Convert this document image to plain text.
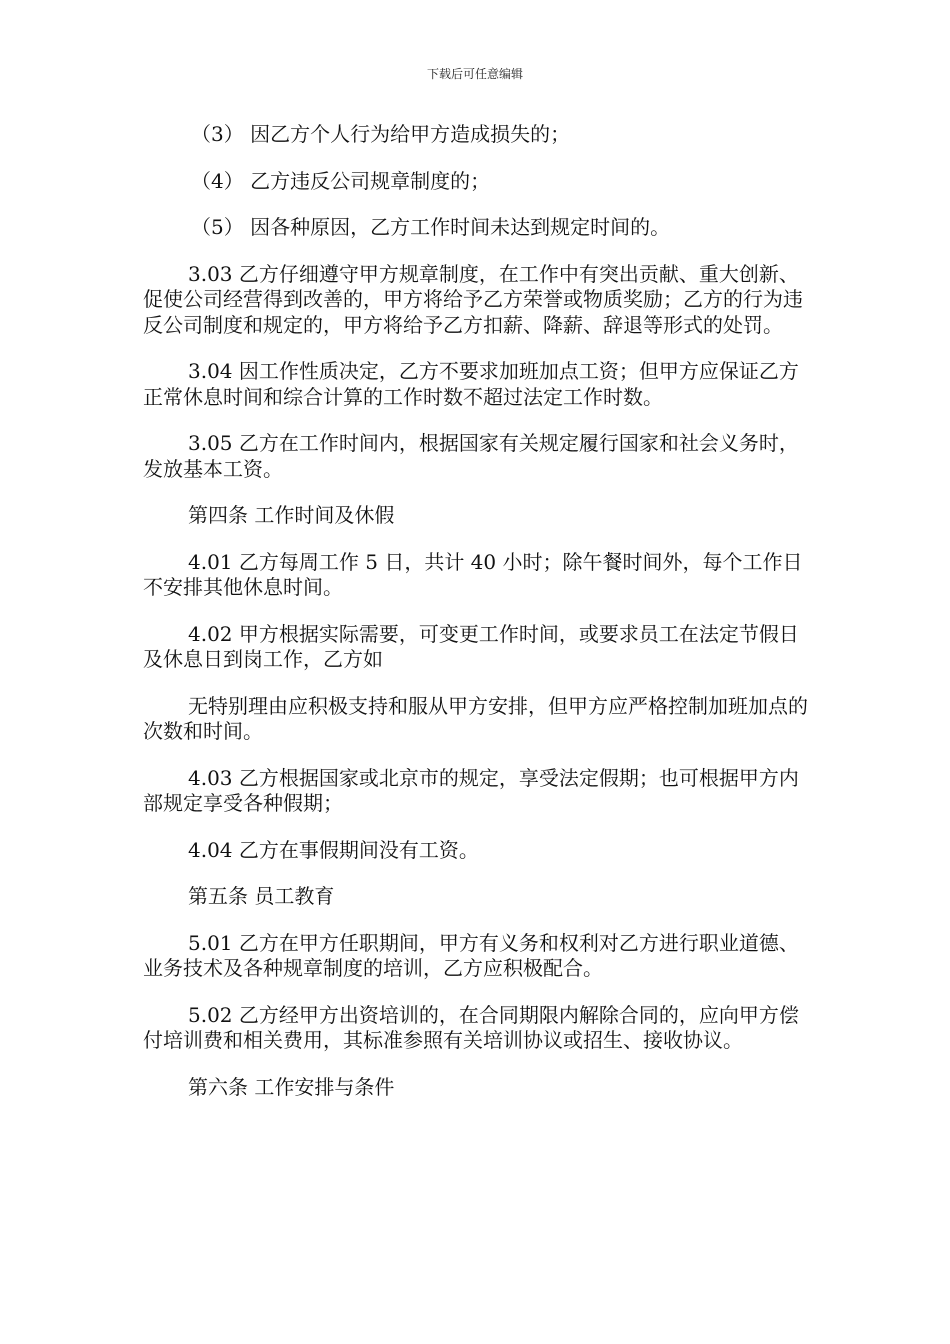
下载后可任意编辑

（3） 因乙方个人行为给甲方造成损失的；

（4） 乙方违反公司规章制度的；

（5） 因各种原因，乙方工作时间未达到规定时间的。

3.03 乙方仔细遵守甲方规章制度，在工作中有突出贡献、重大创新、促使公司经营得到改善的，甲方将给予乙方荣誉或物质奖励；乙方的行为违反公司制度和规定的，甲方将给予乙方扣薪、降薪、辞退等形式的处罚。

3.04 因工作性质决定，乙方不要求加班加点工资；但甲方应保证乙方正常休息时间和综合计算的工作时数不超过法定工作时数。

3.05 乙方在工作时间内，根据国家有关规定履行国家和社会义务时，发放基本工资。

第四条 工作时间及休假

4.01 乙方每周工作 5 日，共计 40 小时；除午餐时间外，每个工作日不安排其他休息时间。

4.02 甲方根据实际需要，可变更工作时间，或要求员工在法定节假日及休息日到岗工作，乙方如

无特别理由应积极支持和服从甲方安排，但甲方应严格控制加班加点的次数和时间。

4.03 乙方根据国家或北京市的规定，享受法定假期；也可根据甲方内部规定享受各种假期；

4.04 乙方在事假期间没有工资。

第五条 员工教育

5.01 乙方在甲方任职期间，甲方有义务和权利对乙方进行职业道德、业务技术及各种规章制度的培训，乙方应积极配合。

5.02 乙方经甲方出资培训的，在合同期限内解除合同的，应向甲方偿付培训费和相关费用，其标准参照有关培训协议或招生、接收协议。

第六条 工作安排与条件
